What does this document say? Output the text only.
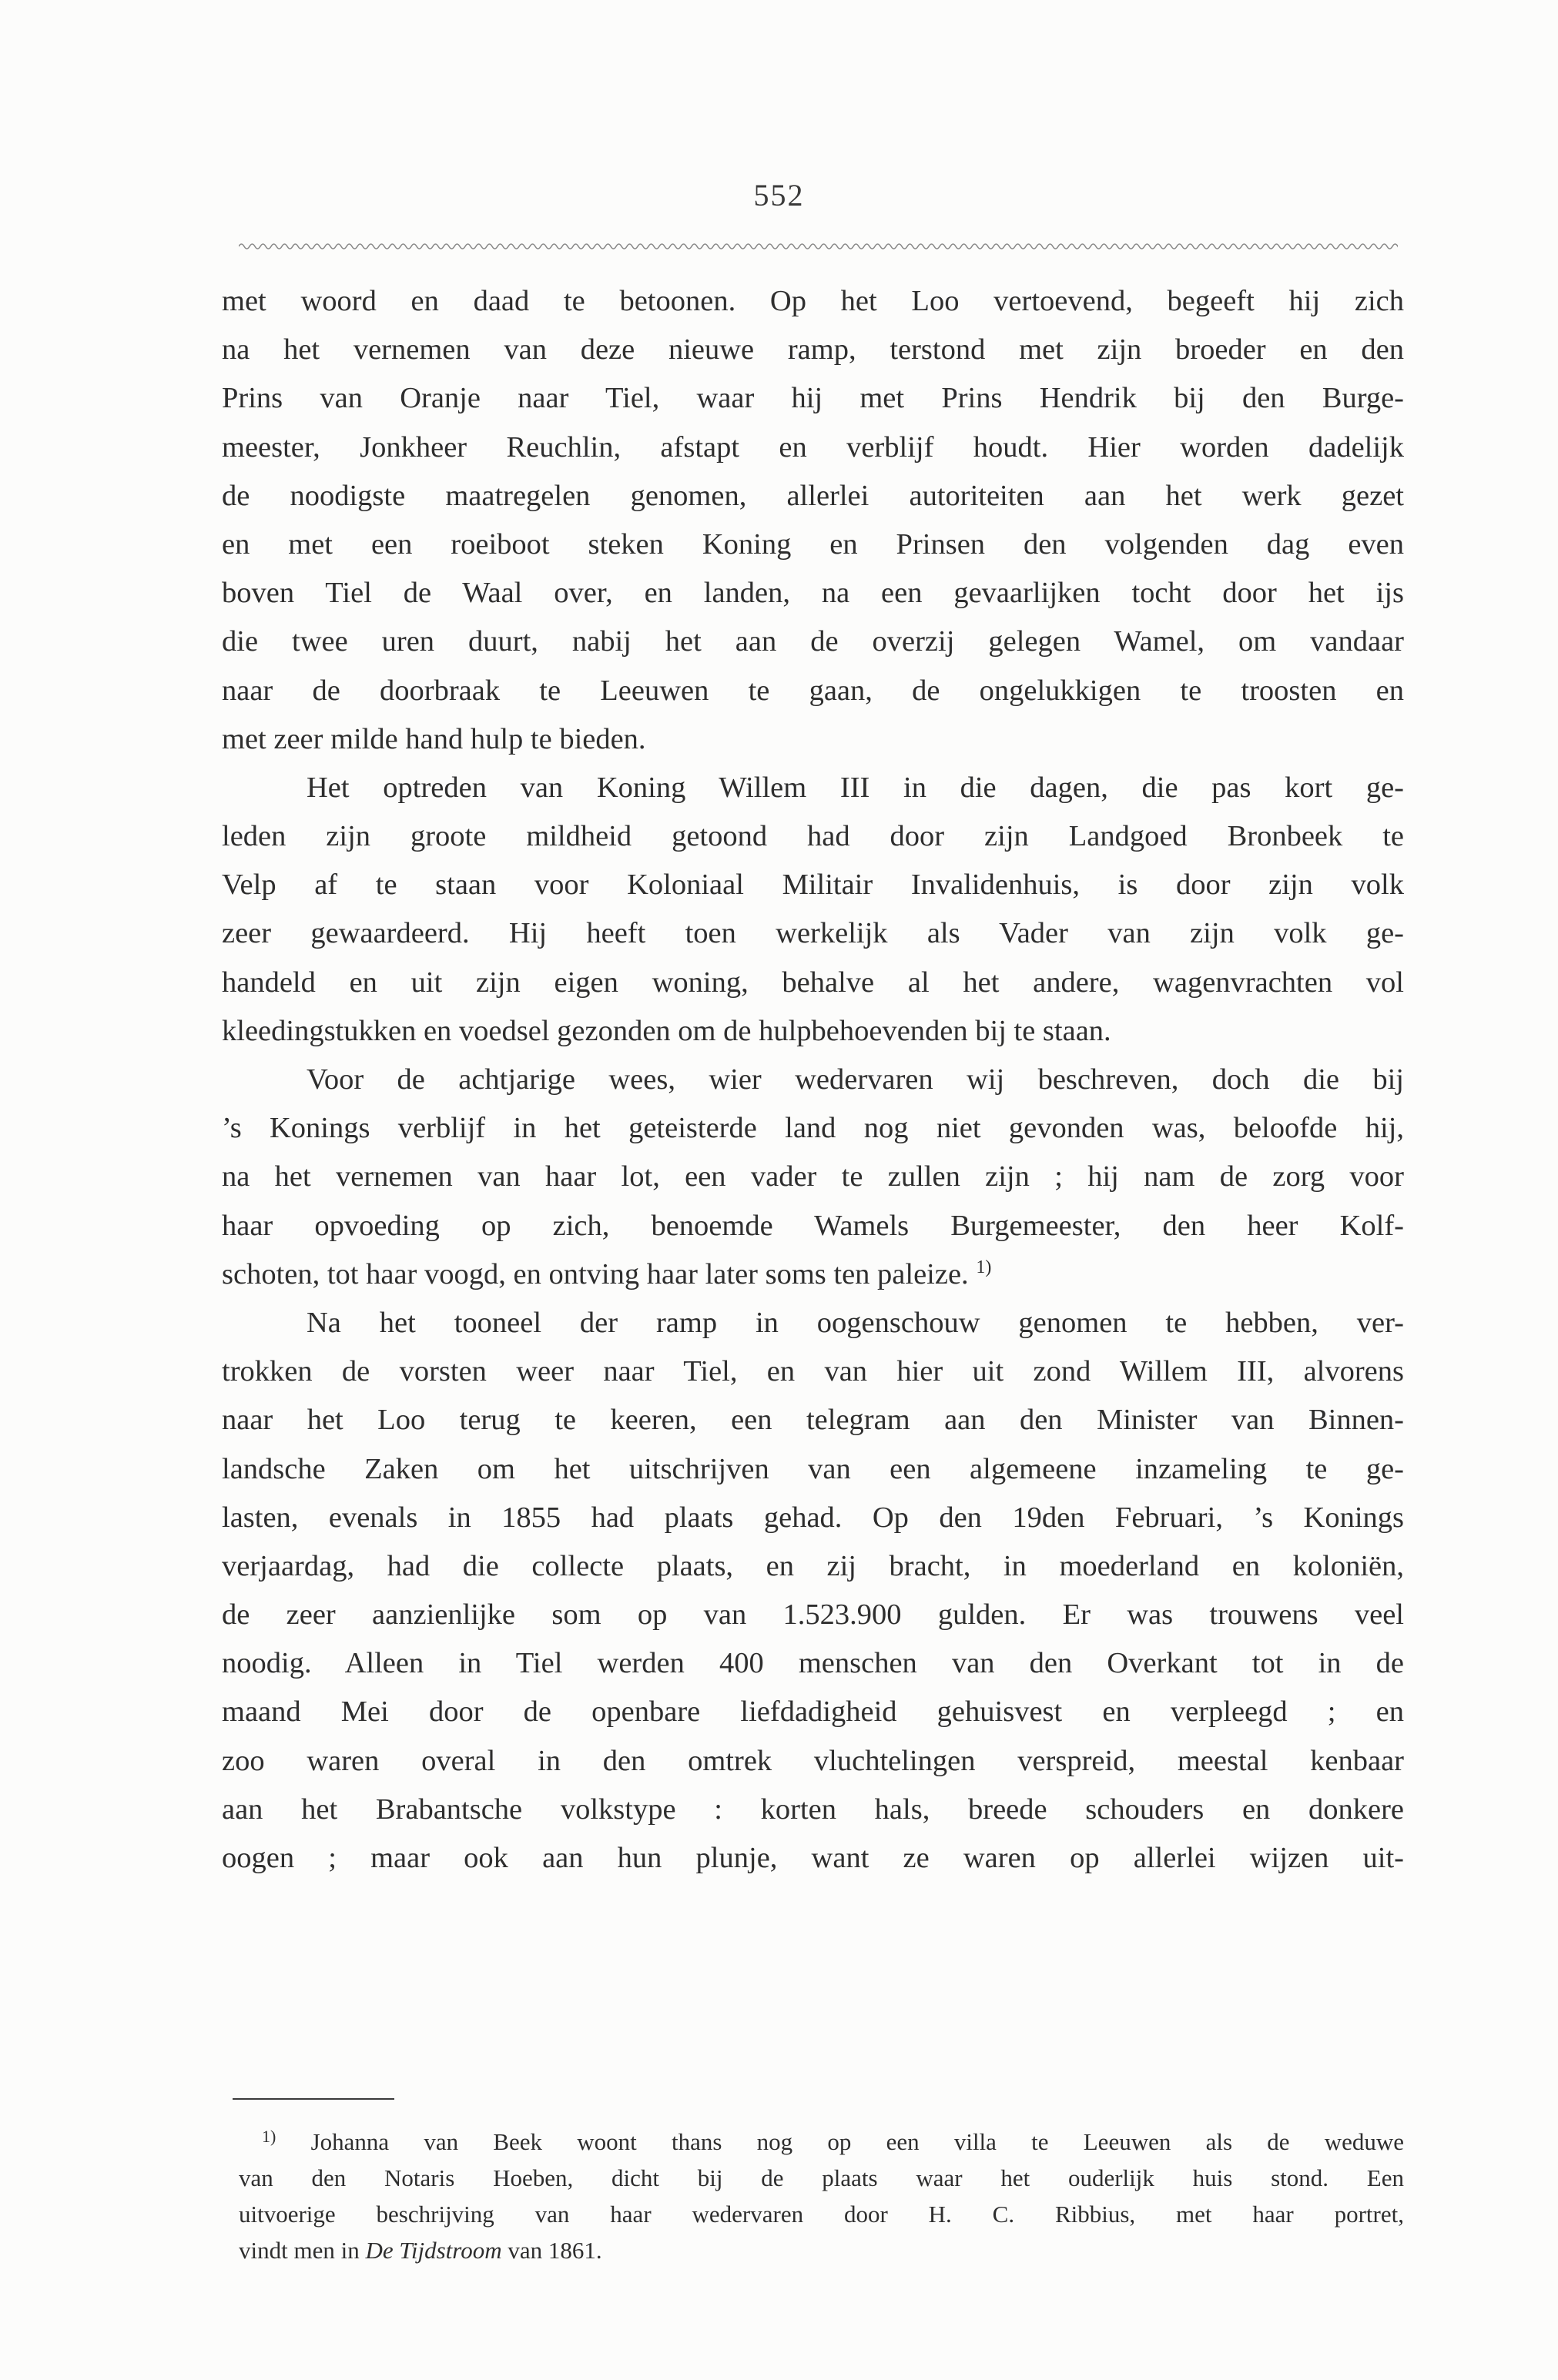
552
met woord en daad te betoonen. Op het Loo vertoevend, begeeft hij zich
na het vernemen van deze nieuwe ramp, terstond met zijn broeder en den
Prins van Oranje naar Tiel, waar hij met Prins Hendrik bij den Burge-
meester, Jonkheer Reuchlin, afstapt en verblijf houdt. Hier worden dadelijk
de noodigste maatregelen genomen, allerlei autoriteiten aan het werk gezet
en met een roeiboot steken Koning en Prinsen den volgenden dag even
boven Tiel de Waal over, en landen, na een gevaarlijken tocht door het ijs
die twee uren duurt, nabij het aan de overzij gelegen Wamel, om vandaar
naar de doorbraak te Leeuwen te gaan, de ongelukkigen te troosten en
met zeer milde hand hulp te bieden.
Het optreden van Koning Willem III in die dagen, die pas kort ge-
leden zijn groote mildheid getoond had door zijn Landgoed Bronbeek te
Velp af te staan voor Koloniaal Militair Invalidenhuis, is door zijn volk
zeer gewaardeerd. Hij heeft toen werkelijk als Vader van zijn volk ge-
handeld en uit zijn eigen woning, behalve al het andere, wagenvrachten vol
kleedingstukken en voedsel gezonden om de hulpbehoevenden bij te staan.
Voor de achtjarige wees, wier wedervaren wij beschreven, doch die bij
’s Konings verblijf in het geteisterde land nog niet gevonden was, beloofde hij,
na het vernemen van haar lot, een vader te zullen zijn ; hij nam de zorg voor
haar opvoeding op zich, benoemde Wamels Burgemeester, den heer Kolf-
schoten, tot haar voogd, en ontving haar later soms ten paleize. $^{1)}$
Na het tooneel der ramp in oogenschouw genomen te hebben, ver-
trokken de vorsten weer naar Tiel, en van hier uit zond Willem III, alvorens
naar het Loo terug te keeren, een telegram aan den Minister van Binnen-
landsche Zaken om het uitschrijven van een algemeene inzameling te ge-
lasten, evenals in 1855 had plaats gehad. Op den 19den Februari, ’s Konings
verjaardag, had die collecte plaats, en zij bracht, in moederland en koloniën,
de zeer aanzienlijke som op van 1.523.900 gulden. Er was trouwens veel
noodig. Alleen in Tiel werden 400 menschen van den Overkant tot in de
maand Mei door de openbare liefdadigheid gehuisvest en verpleegd ; en
zoo waren overal in den omtrek vluchtelingen verspreid, meestal kenbaar
aan het Brabantsche volkstype : korten hals, breede schouders en donkere
oogen ; maar ook aan hun plunje, want ze waren op allerlei wijzen uit-
$^{1)}$ Johanna van Beek woont thans nog op een villa te Leeuwen als de weduwe
van den Notaris Hoeben, dicht bij de plaats waar het ouderlijk huis stond. Een
uitvoerige beschrijving van haar wedervaren door H. C. Ribbius, met haar portret,
vindt men in De Tijdstroom van 1861.
